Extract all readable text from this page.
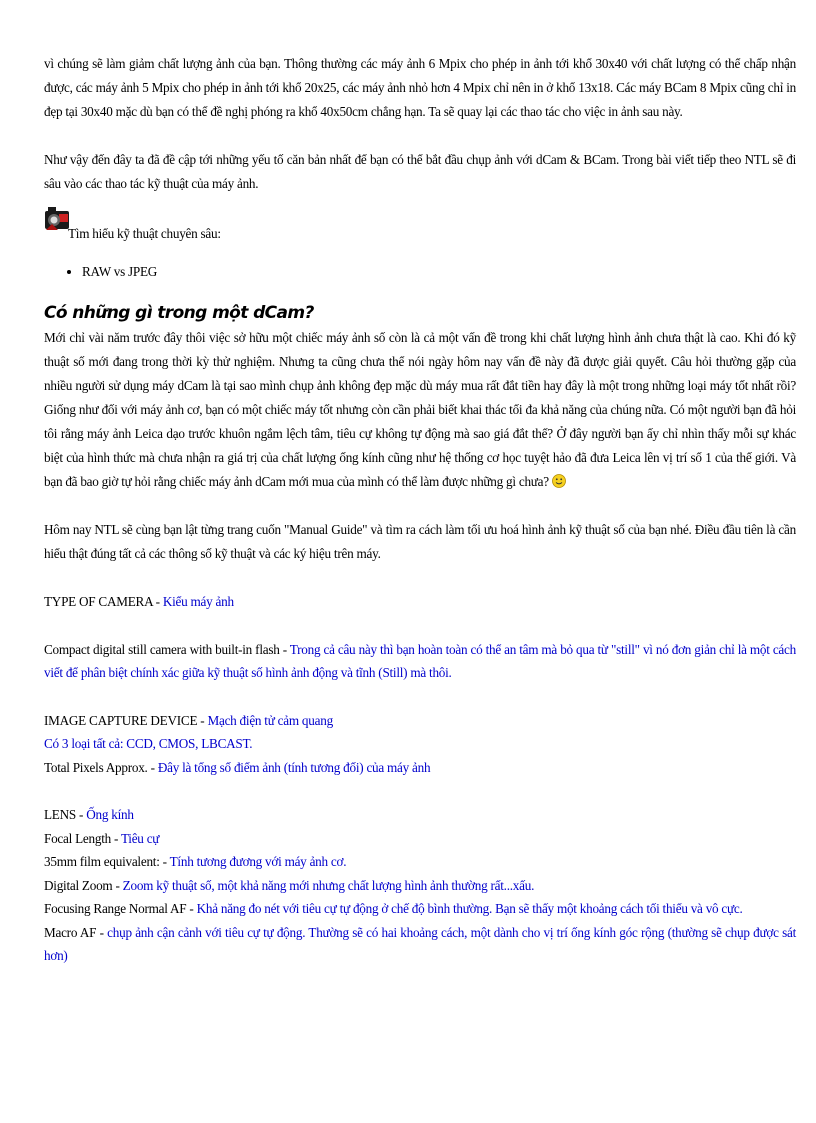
vì chúng sẽ làm giảm chất lượng ảnh của bạn. Thông thường các máy ảnh 6 Mpix cho phép in ảnh tới khổ 30x40 với chất lượng có thể chấp nhận được, các máy ảnh 5 Mpix cho phép in ảnh tới khổ 20x25, các máy ảnh nhỏ hơn 4 Mpix chỉ nên in ở khổ 13x18. Các máy BCam 8 Mpix cũng chỉ in đẹp tại 30x40 mặc dù bạn có thể đề nghị phóng ra khổ 40x50cm chẳng hạn. Ta sẽ quay lại các thao tác cho việc in ảnh sau này.

Như vậy đến đây ta đã đề cập tới những yếu tố căn bản nhất để bạn có thể bắt đầu chụp ảnh với dCam & BCam. Trong bài viết tiếp theo NTL sẽ đi sâu vào các thao tác kỹ thuật của máy ảnh.

Tìm hiểu kỹ thuật chuyên sâu:
• RAW vs JPEG
Có những gì trong một dCam?

Mới chỉ vài năm trước đây thôi việc sở hữu một chiếc máy ảnh số còn là cả một vấn đề trong khi chất lượng hình ảnh chưa thật là cao. Khi đó kỹ thuật số mới đang trong thời kỳ thử nghiệm. Nhưng ta cũng chưa thể nói ngày hôm nay vấn đề này đã được giải quyết. Câu hỏi thường gặp của nhiều người sử dụng máy dCam là tại sao mình chụp ảnh không đẹp mặc dù máy mua rất đắt tiền hay đây là một trong những loại máy tốt nhất rồi? Giống như đối với máy ảnh cơ, bạn có một chiếc máy tốt nhưng còn cần phải biết khai thác tối đa khả năng của chúng nữa. Có một người bạn đã hỏi tôi rằng máy ảnh Leica dạo trước khuôn ngắm lệch tâm, tiêu cự không tự động mà sao giá đắt thế? Ở đây người bạn ấy chỉ nhìn thấy mỗi sự khác biệt của hình thức mà chưa nhận ra giá trị của chất lượng ống kính cũng như hệ thống cơ học tuyệt hảo đã đưa Leica lên vị trí số 1 của thế giới. Và bạn đã bao giờ tự hỏi rằng chiếc máy ảnh dCam mới mua của mình có thể làm được những gì chưa?

Hôm nay NTL sẽ cùng bạn lật từng trang cuốn "Manual Guide" và tìm ra cách làm tối ưu hoá hình ảnh kỹ thuật số của bạn nhé. Điều đầu tiên là cần hiểu thật đúng tất cả các thông số kỹ thuật và các ký hiệu trên máy.

TYPE OF CAMERA - Kiểu máy ảnh

Compact digital still camera with built-in flash - Trong cả câu này thì bạn hoàn toàn có thể an tâm mà bỏ qua từ "still" vì nó đơn giản chỉ là một cách viết để phân biệt chính xác giữa kỹ thuật số hình ảnh động và tĩnh (Still) mà thôi.

IMAGE CAPTURE DEVICE - Mạch điện tử cảm quang

Có 3 loại tất cả: CCD, CMOS, LBCAST.

Total Pixels Approx. - Đây là tổng số điểm ảnh (tính tương đối) của máy ảnh

LENS - Ống kính

Focal Length - Tiêu cự

35mm film equivalent: - Tính tương đương với máy ảnh cơ.

Digital Zoom - Zoom kỹ thuật số, một khả năng mới nhưng chất lượng hình ảnh thường rất...xấu.

Focusing Range Normal AF - Khả năng đo nét với tiêu cự tự động ở chế độ bình thường. Bạn sẽ thấy một khoảng cách tối thiểu và vô cực.

Macro AF - chụp ảnh cận cảnh với tiêu cự tự động. Thường sẽ có hai khoảng cách, một dành cho vị trí ống kính góc rộng (thường sẽ chụp được sát hơn)
